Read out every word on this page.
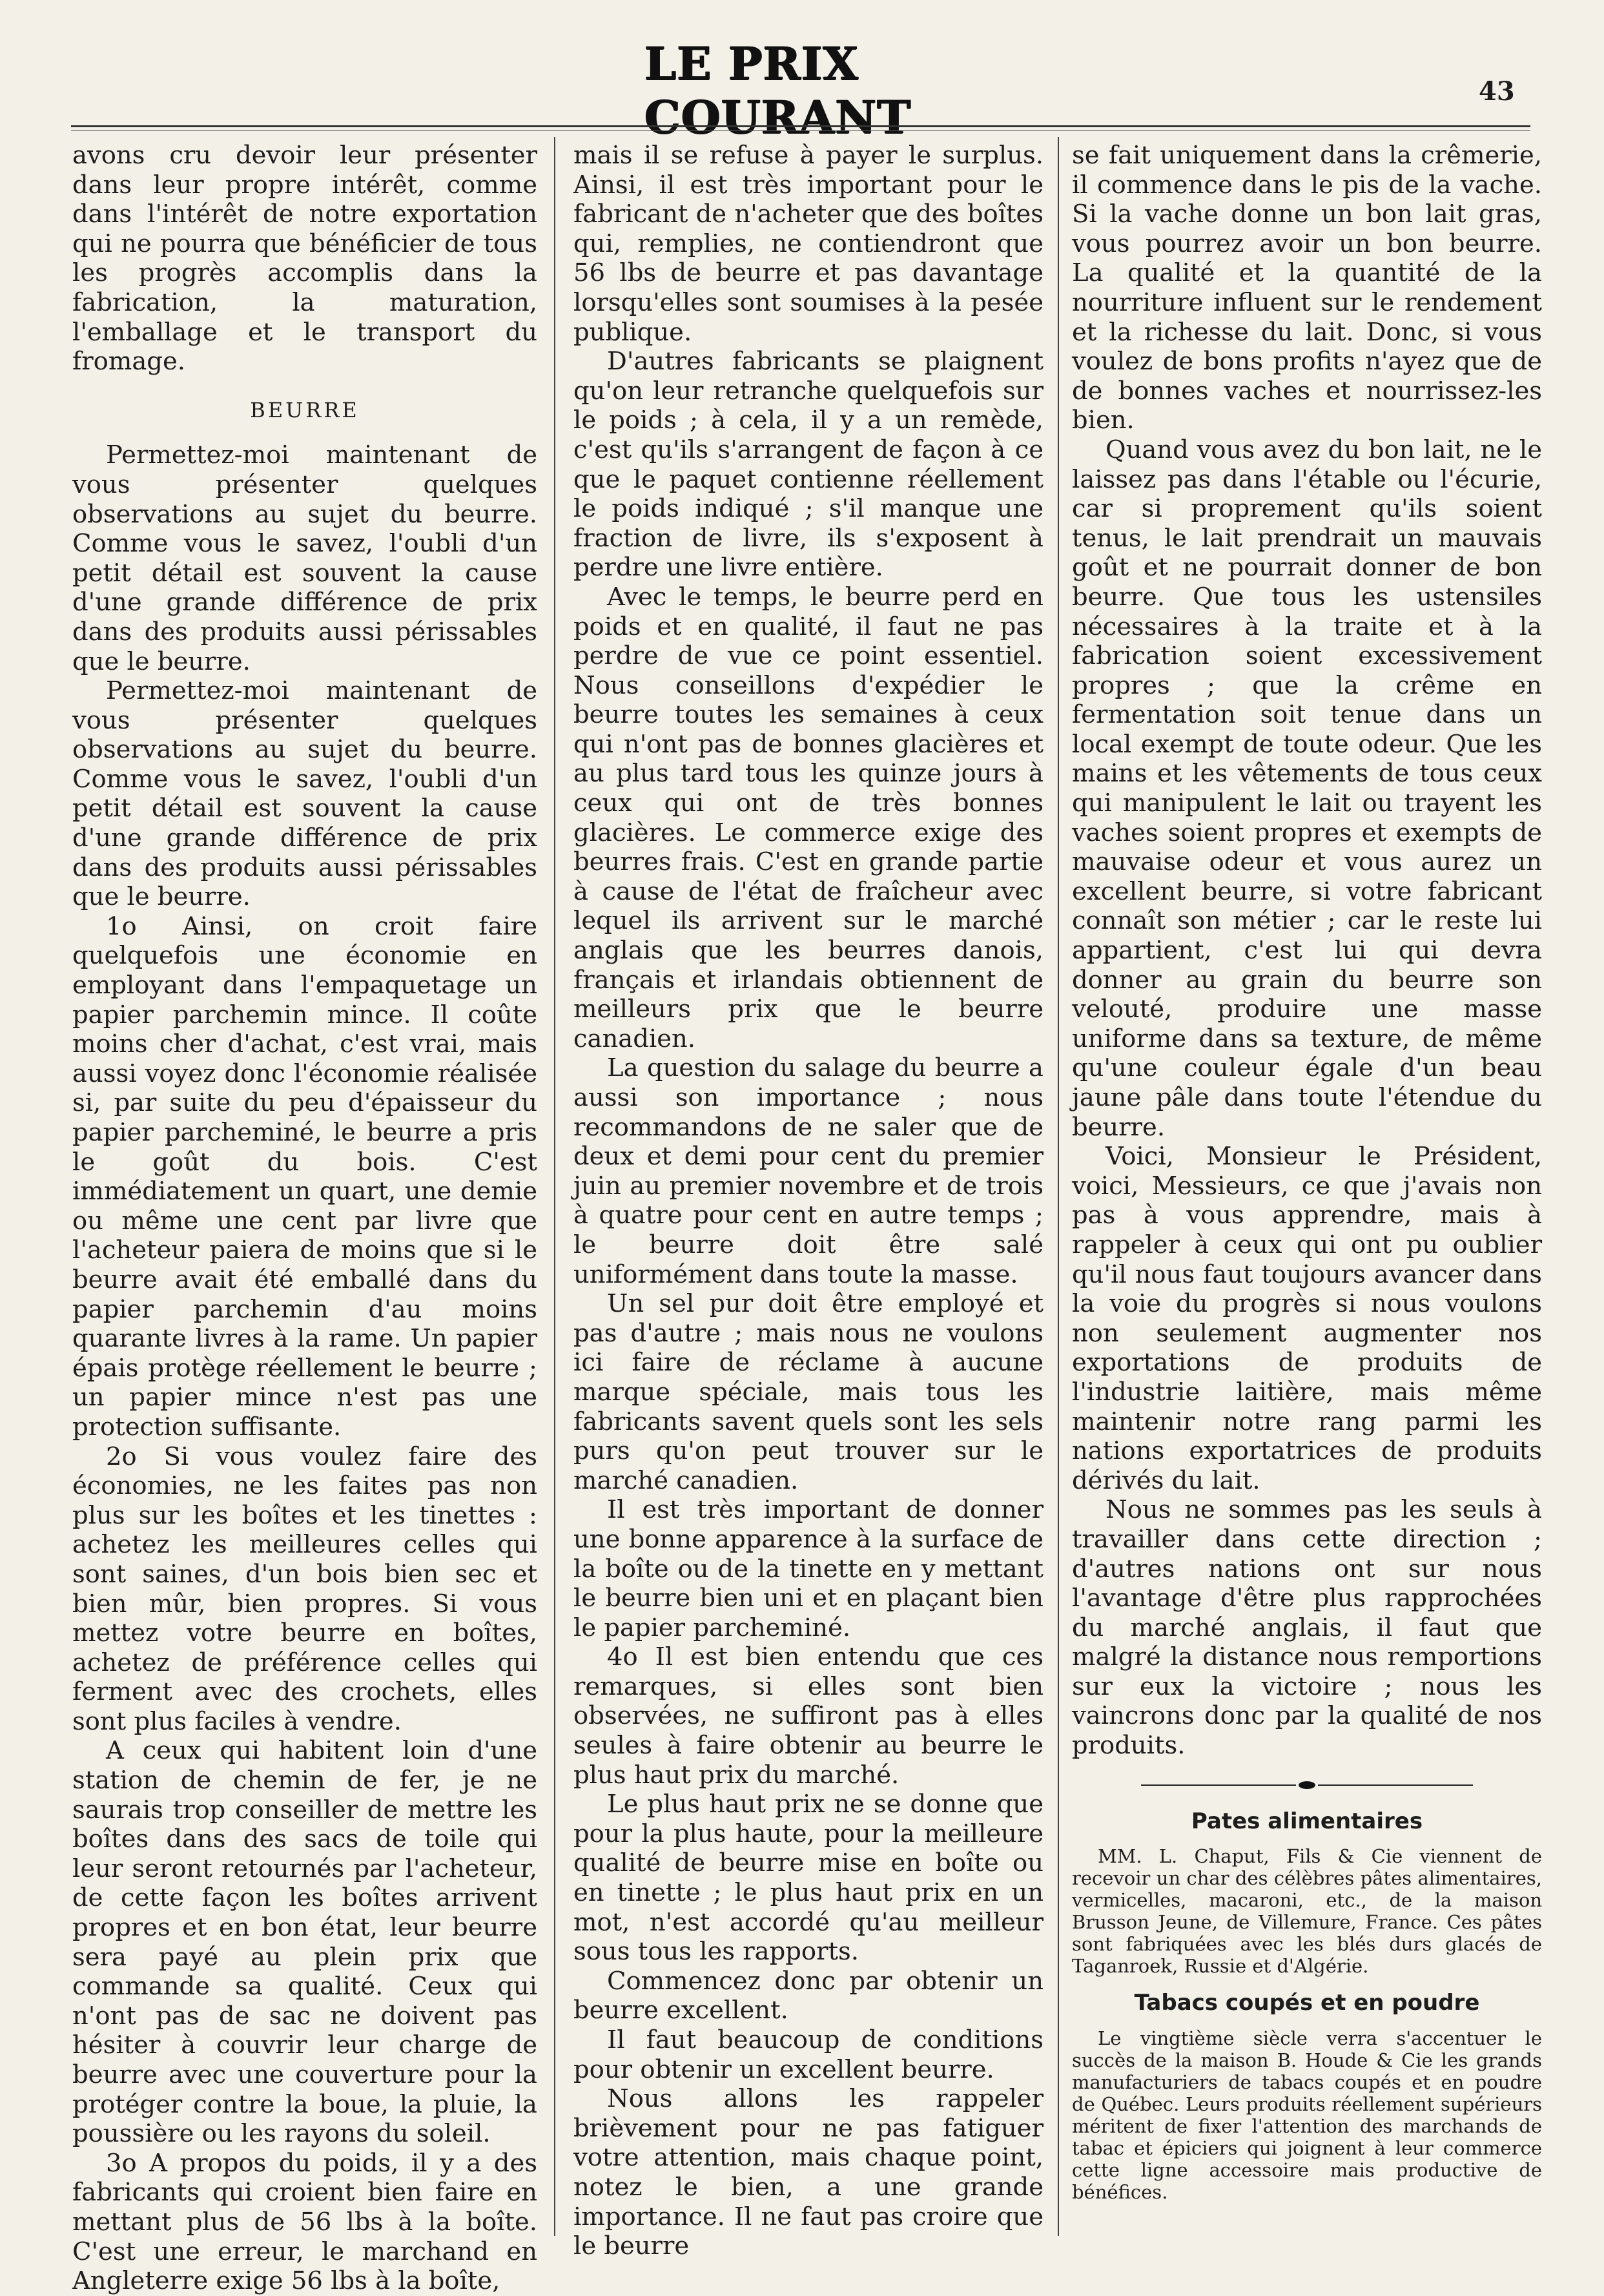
LE PRIX COURANT	43

avons cru devoir leur présenter dans leur propre intérêt, comme dans l'intérêt de notre exportation qui ne pourra que bénéficier de tous les progrès accomplis dans la fabrication, la maturation, l'emballage et le transport du fromage.

BEURRE

Permettez-moi maintenant de vous présenter quelques observations au sujet du beurre. Comme vous le savez, l'oubli d'un petit détail est souvent la cause d'une grande différence de prix dans des produits aussi périssables que le beurre.

Permettez-moi maintenant de vous présenter quelques observations au sujet du beurre. Comme vous le savez, l'oubli d'un petit détail est souvent la cause d'une grande différence de prix dans des produits aussi périssables que le beurre.

1o Ainsi, on croit faire quelquefois une économie en employant dans l'empaquetage un papier parchemin mince. Il coûte moins cher d'achat, c'est vrai, mais aussi voyez donc l'économie réalisée si, par suite du peu d'épaisseur du papier parcheminé, le beurre a pris le goût du bois. C'est immédiatement un quart, une demie ou même une cent par livre que l'acheteur paiera de moins que si le beurre avait été emballé dans du papier parchemin d'au moins quarante livres à la rame. Un papier épais protège réellement le beurre ; un papier mince n'est pas une protection suffisante.

2o Si vous voulez faire des économies, ne les faites pas non plus sur les boîtes et les tinettes : achetez les meilleures celles qui sont saines, d'un bois bien sec et bien mûr, bien propres. Si vous mettez votre beurre en boîtes, achetez de préférence celles qui ferment avec des crochets, elles sont plus faciles à vendre.

A ceux qui habitent loin d'une station de chemin de fer, je ne saurais trop conseiller de mettre les boîtes dans des sacs de toile qui leur seront retournés par l'acheteur, de cette façon les boîtes arrivent propres et en bon état, leur beurre sera payé au plein prix que commande sa qualité. Ceux qui n'ont pas de sac ne doivent pas hésiter à couvrir leur charge de beurre avec une couverture pour la protéger contre la boue, la pluie, la poussière ou les rayons du soleil.

3o A propos du poids, il y a des fabricants qui croient bien faire en mettant plus de 56 lbs à la boîte. C'est une erreur, le marchand en Angleterre exige 56 lbs à la boîte,

mais il se refuse à payer le surplus. Ainsi, il est très important pour le fabricant de n'acheter que des boîtes qui, remplies, ne contiendront que 56 lbs de beurre et pas davantage lorsqu'elles sont soumises à la pesée publique.

D'autres fabricants se plaignent qu'on leur retranche quelquefois sur le poids ; à cela, il y a un remède, c'est qu'ils s'arrangent de façon à ce que le paquet contienne réellement le poids indiqué ; s'il manque une fraction de livre, ils s'exposent à perdre une livre entière.

Avec le temps, le beurre perd en poids et en qualité, il faut ne pas perdre de vue ce point essentiel. Nous conseillons d'expédier le beurre toutes les semaines à ceux qui n'ont pas de bonnes glacières et au plus tard tous les quinze jours à ceux qui ont de très bonnes glacières. Le commerce exige des beurres frais. C'est en grande partie à cause de l'état de fraîcheur avec lequel ils arrivent sur le marché anglais que les beurres danois, français et irlandais obtiennent de meilleurs prix que le beurre canadien.

La question du salage du beurre a aussi son importance ; nous recommandons de ne saler que de deux et demi pour cent du premier juin au premier novembre et de trois à quatre pour cent en autre temps ; le beurre doit être salé uniformément dans toute la masse.

Un sel pur doit être employé et pas d'autre ; mais nous ne voulons ici faire de réclame à aucune marque spéciale, mais tous les fabricants savent quels sont les sels purs qu'on peut trouver sur le marché canadien.

Il est très important de donner une bonne apparence à la surface de la boîte ou de la tinette en y mettant le beurre bien uni et en plaçant bien le papier parcheminé.

4o Il est bien entendu que ces remarques, si elles sont bien observées, ne suffiront pas à elles seules à faire obtenir au beurre le plus haut prix du marché.

Le plus haut prix ne se donne que pour la plus haute, pour la meilleure qualité de beurre mise en boîte ou en tinette ; le plus haut prix en un mot, n'est accordé qu'au meilleur sous tous les rapports.

Commencez donc par obtenir un beurre excellent.

Il faut beaucoup de conditions pour obtenir un excellent beurre.

Nous allons les rappeler brièvement pour ne pas fatiguer votre attention, mais chaque point, notez le bien, a une grande importance. Il ne faut pas croire que le beurre

se fait uniquement dans la crêmerie, il commence dans le pis de la vache. Si la vache donne un bon lait gras, vous pourrez avoir un bon beurre. La qualité et la quantité de la nourriture influent sur le rendement et la richesse du lait. Donc, si vous voulez de bons profits n'ayez que de de bonnes vaches et nourrissez-les bien.

Quand vous avez du bon lait, ne le laissez pas dans l'étable ou l'écurie, car si proprement qu'ils soient tenus, le lait prendrait un mauvais goût et ne pourrait donner de bon beurre. Que tous les ustensiles nécessaires à la traite et à la fabrication soient excessivement propres ; que la crême en fermentation soit tenue dans un local exempt de toute odeur. Que les mains et les vêtements de tous ceux qui manipulent le lait ou trayent les vaches soient propres et exempts de mauvaise odeur et vous aurez un excellent beurre, si votre fabricant connaît son métier ; car le reste lui appartient, c'est lui qui devra donner au grain du beurre son velouté, produire une masse uniforme dans sa texture, de même qu'une couleur égale d'un beau jaune pâle dans toute l'étendue du beurre.

Voici, Monsieur le Président, voici, Messieurs, ce que j'avais non pas à vous apprendre, mais à rappeler à ceux qui ont pu oublier qu'il nous faut toujours avancer dans la voie du progrès si nous voulons non seulement augmenter nos exportations de produits de l'industrie laitière, mais même maintenir notre rang parmi les nations exportatrices de produits dérivés du lait.

Nous ne sommes pas les seuls à travailler dans cette direction ; d'autres nations ont sur nous l'avantage d'être plus rapprochées du marché anglais, il faut que malgré la distance nous remportions sur eux la victoire ; nous les vaincrons donc par la qualité de nos produits.

Pates alimentaires

MM. L. Chaput, Fils & Cie viennent de recevoir un char des célèbres pâtes alimentaires, vermicelles, macaroni, etc., de la maison Brusson Jeune, de Villemure, France. Ces pâtes sont fabriquées avec les blés durs glacés de Taganroek, Russie et d'Algérie.

Tabacs coupés et en poudre

Le vingtième siècle verra s'accentuer le succès de la maison B. Houde & Cie les grands manufacturiers de tabacs coupés et en poudre de Québec. Leurs produits réellement supérieurs méritent de fixer l'attention des marchands de tabac et épiciers qui joignent à leur commerce cette ligne accessoire mais productive de bénéfices.
